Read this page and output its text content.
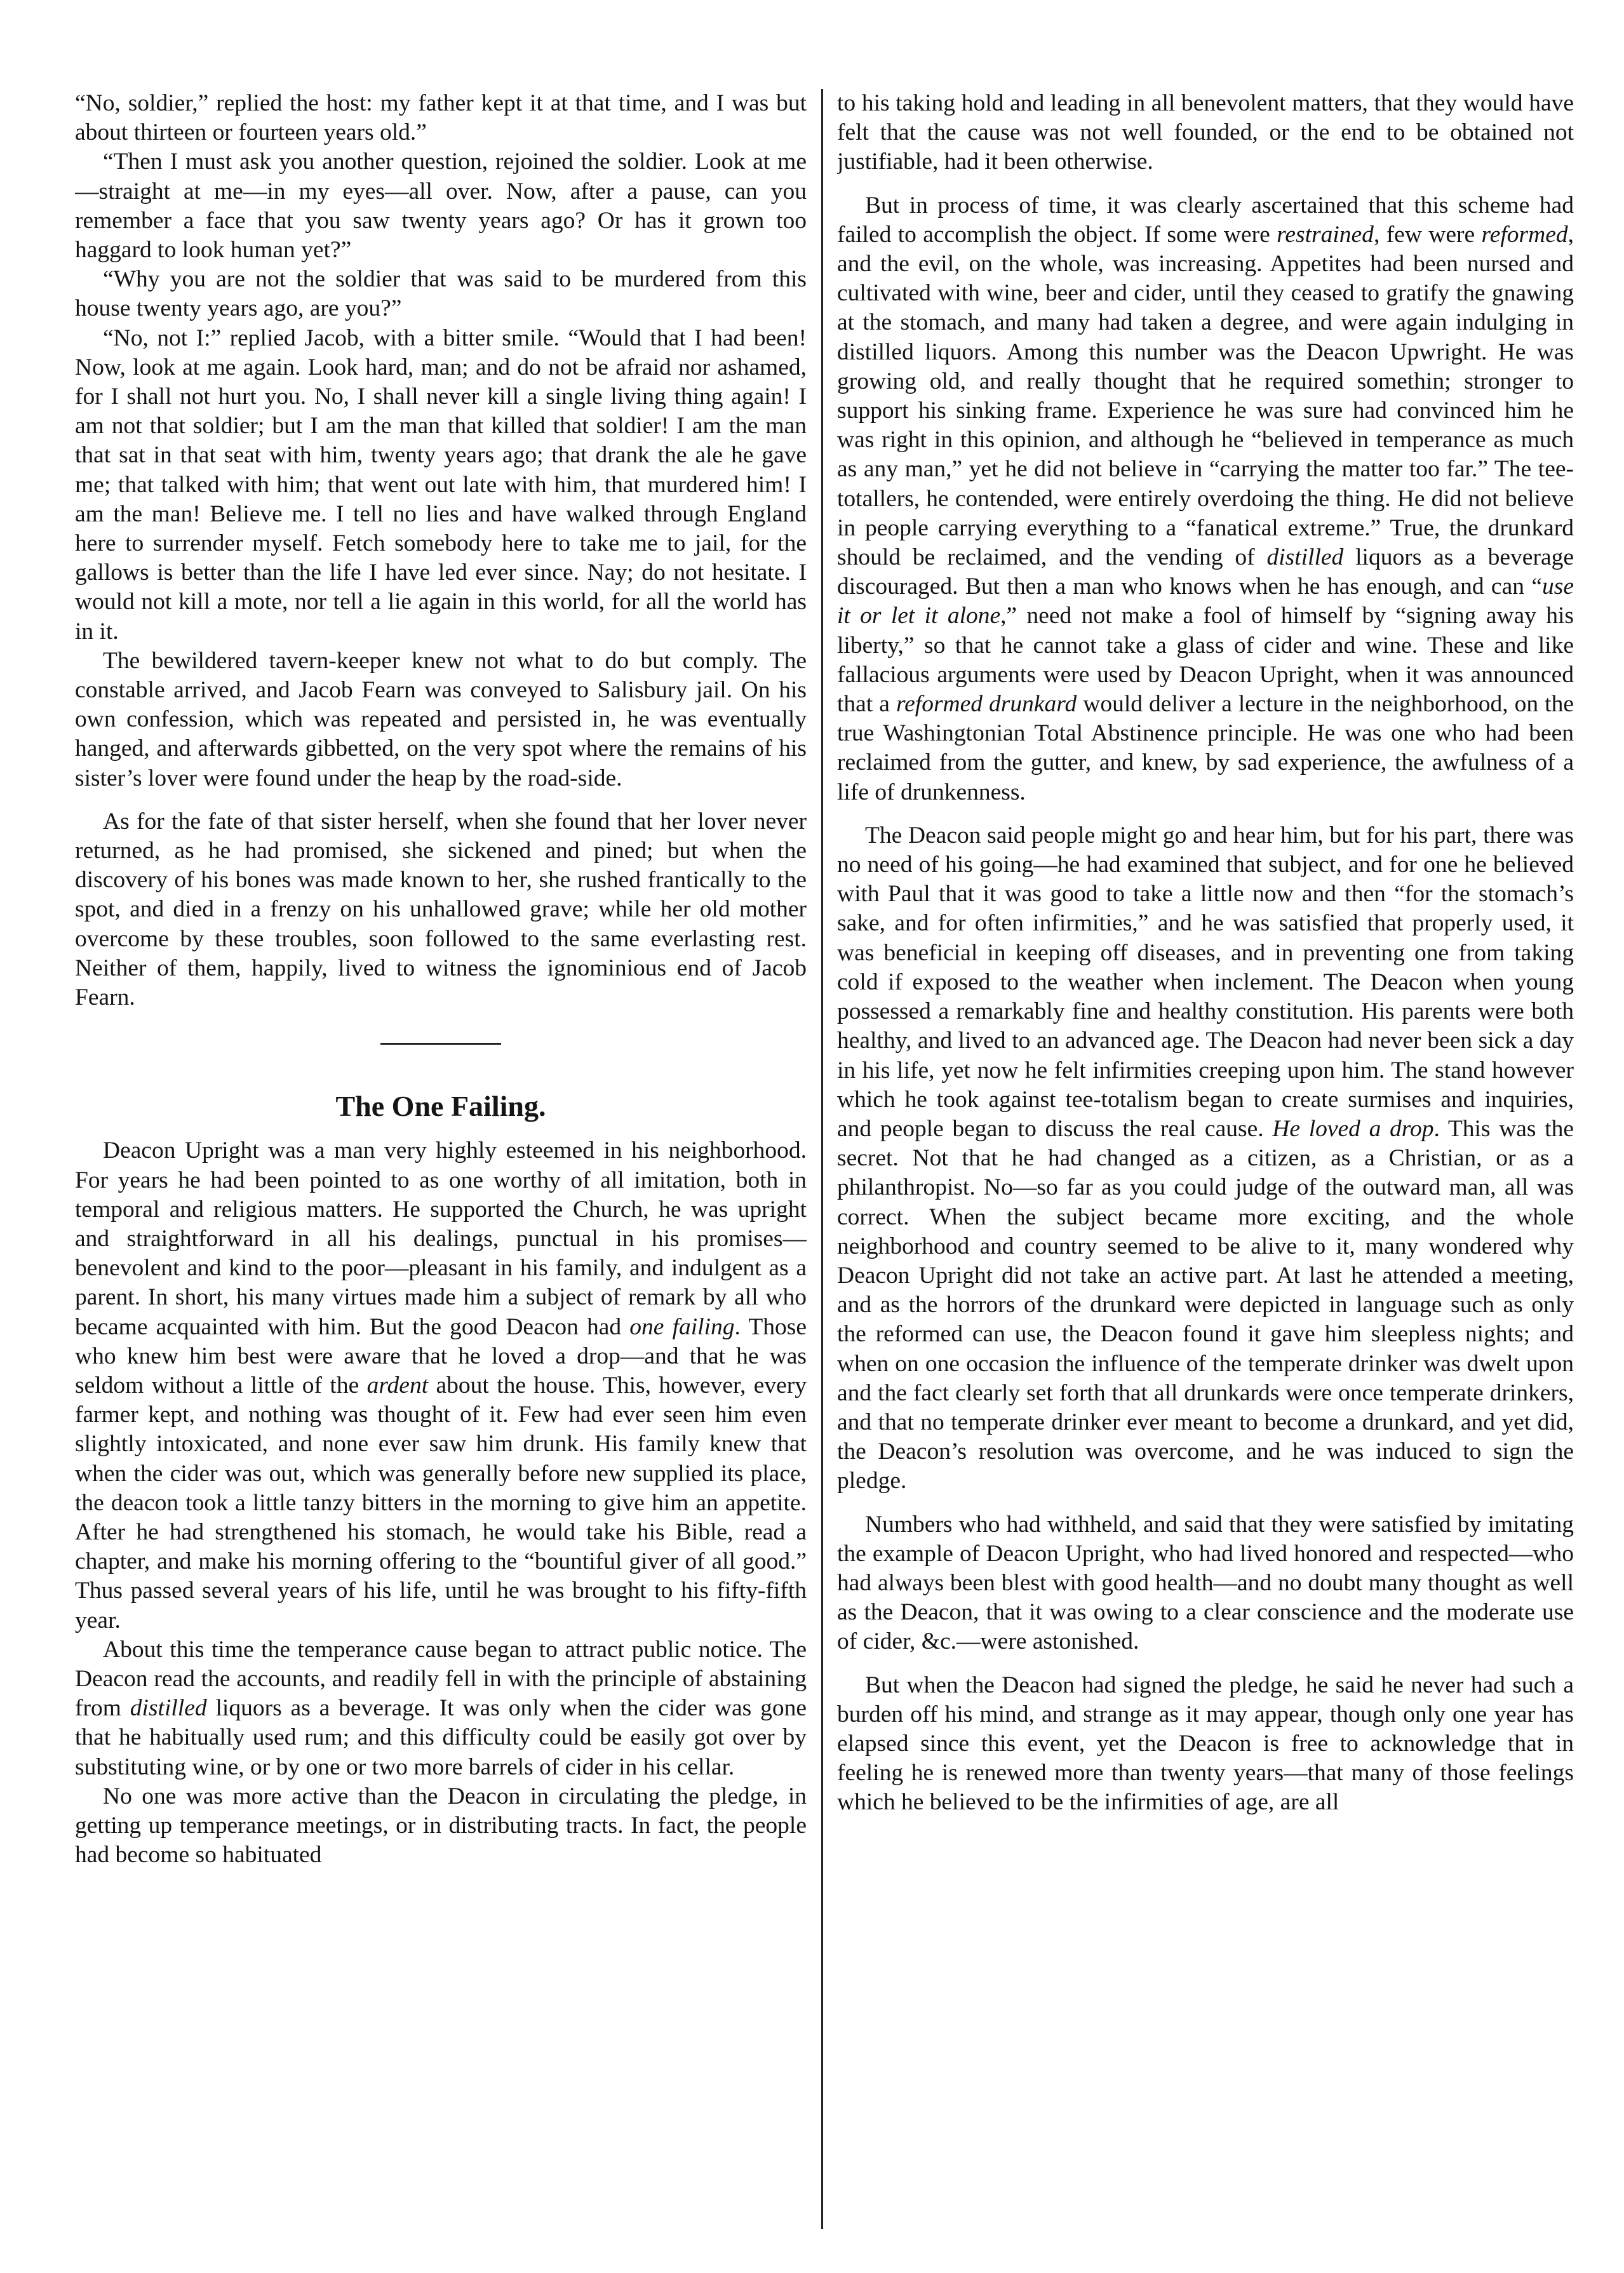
“No, soldier,” replied the host: my father kept it at that time, and I was but about thirteen or fourteen years old.”

“Then I must ask you another question, rejoined the soldier. Look at me—straight at me—in my eyes—all over. Now, after a pause, can you remember a face that you saw twenty years ago? Or has it grown too haggard to look human yet?”

“Why you are not the soldier that was said to be murdered from this house twenty years ago, are you?”

“No, not I:” replied Jacob, with a bitter smile. “Would that I had been! Now, look at me again. Look hard, man; and do not be afraid nor ashamed, for I shall not hurt you. No, I shall never kill a single living thing again! I am not that soldier; but I am the man that killed that soldier! I am the man that sat in that seat with him, twenty years ago; that drank the ale he gave me; that talked with him; that went out late with him, that murdered him! I am the man! Believe me. I tell no lies and have walked through England here to surrender myself. Fetch somebody here to take me to jail, for the gallows is better than the life I have led ever since. Nay; do not hesitate. I would not kill a mote, nor tell a lie again in this world, for all the world has in it.

The bewildered tavern-keeper knew not what to do but comply. The constable arrived, and Jacob Fearn was conveyed to Salisbury jail. On his own confession, which was repeated and persisted in, he was eventually hanged, and afterwards gibbetted, on the very spot where the remains of his sister’s lover were found under the heap by the road-side.

As for the fate of that sister herself, when she found that her lover never returned, as he had promised, she sickened and pined; but when the discovery of his bones was made known to her, she rushed frantically to the spot, and died in a frenzy on his unhallowed grave; while her old mother overcome by these troubles, soon followed to the same everlasting rest. Neither of them, happily, lived to witness the ignominious end of Jacob Fearn.

The One Failing.

Deacon Upright was a man very highly esteemed in his neighborhood. For years he had been pointed to as one worthy of all imitation, both in temporal and religious matters. He supported the Church, he was upright and straightforward in all his dealings, punctual in his promises—benevolent and kind to the poor—pleasant in his family, and indulgent as a parent. In short, his many virtues made him a subject of remark by all who became acquainted with him. But the good Deacon had one failing. Those who knew him best were aware that he loved a drop—and that he was seldom without a little of the ardent about the house. This, however, every farmer kept, and nothing was thought of it. Few had ever seen him even slightly intoxicated, and none ever saw him drunk. His family knew that when the cider was out, which was generally before new supplied its place, the deacon took a little tanzy bitters in the morning to give him an appetite. After he had strengthened his stomach, he would take his Bible, read a chapter, and make his morning offering to the “bountiful giver of all good.” Thus passed several years of his life, until he was brought to his fifty-fifth year.

About this time the temperance cause began to attract public notice. The Deacon read the accounts, and readily fell in with the principle of abstaining from distilled liquors as a beverage. It was only when the cider was gone that he habitually used rum; and this difficulty could be easily got over by substituting wine, or by one or two more barrels of cider in his cellar.

No one was more active than the Deacon in circulating the pledge, in getting up temperance meetings, or in distributing tracts. In fact, the people had become so habituated

to his taking hold and leading in all benevolent matters, that they would have felt that the cause was not well founded, or the end to be obtained not justifiable, had it been otherwise.

But in process of time, it was clearly ascertained that this scheme had failed to accomplish the object. If some were restrained, few were reformed, and the evil, on the whole, was increasing. Appetites had been nursed and cultivated with wine, beer and cider, until they ceased to gratify the gnawing at the stomach, and many had taken a degree, and were again indulging in distilled liquors. Among this number was the Deacon Upwright. He was growing old, and really thought that he required somethin; stronger to support his sinking frame. Experience he was sure had convinced him he was right in this opinion, and although he “believed in temperance as much as any man,” yet he did not believe in “carrying the matter too far.” The tee-totallers, he contended, were entirely overdoing the thing. He did not believe in people carrying everything to a “fanatical extreme.” True, the drunkard should be reclaimed, and the vending of distilled liquors as a beverage discouraged. But then a man who knows when he has enough, and can “use it or let it alone,” need not make a fool of himself by “signing away his liberty,” so that he cannot take a glass of cider and wine. These and like fallacious arguments were used by Deacon Upright, when it was announced that a reformed drunkard would deliver a lecture in the neighborhood, on the true Washingtonian Total Abstinence principle. He was one who had been reclaimed from the gutter, and knew, by sad experience, the awfulness of a life of drunkenness.

The Deacon said people might go and hear him, but for his part, there was no need of his going—he had examined that subject, and for one he believed with Paul that it was good to take a little now and then “for the stomach’s sake, and for often infirmities,” and he was satisfied that properly used, it was beneficial in keeping off diseases, and in preventing one from taking cold if exposed to the weather when inclement. The Deacon when young possessed a remarkably fine and healthy constitution. His parents were both healthy, and lived to an advanced age. The Deacon had never been sick a day in his life, yet now he felt infirmities creeping upon him. The stand however which he took against tee-totalism began to create surmises and inquiries, and people began to discuss the real cause. He loved a drop. This was the secret. Not that he had changed as a citizen, as a Christian, or as a philanthropist. No—so far as you could judge of the outward man, all was correct. When the subject became more exciting, and the whole neighborhood and country seemed to be alive to it, many wondered why Deacon Upright did not take an active part. At last he attended a meeting, and as the horrors of the drunkard were depicted in language such as only the reformed can use, the Deacon found it gave him sleepless nights; and when on one occasion the influence of the temperate drinker was dwelt upon and the fact clearly set forth that all drunkards were once temperate drinkers, and that no temperate drinker ever meant to become a drunkard, and yet did, the Deacon’s resolution was overcome, and he was induced to sign the pledge.

Numbers who had withheld, and said that they were satisfied by imitating the example of Deacon Upright, who had lived honored and respected—who had always been blest with good health—and no doubt many thought as well as the Deacon, that it was owing to a clear conscience and the moderate use of cider, &c.—were astonished.

But when the Deacon had signed the pledge, he said he never had such a burden off his mind, and strange as it may appear, though only one year has elapsed since this event, yet the Deacon is free to acknowledge that in feeling he is renewed more than twenty years—that many of those feelings which he believed to be the infirmities of age, are all
